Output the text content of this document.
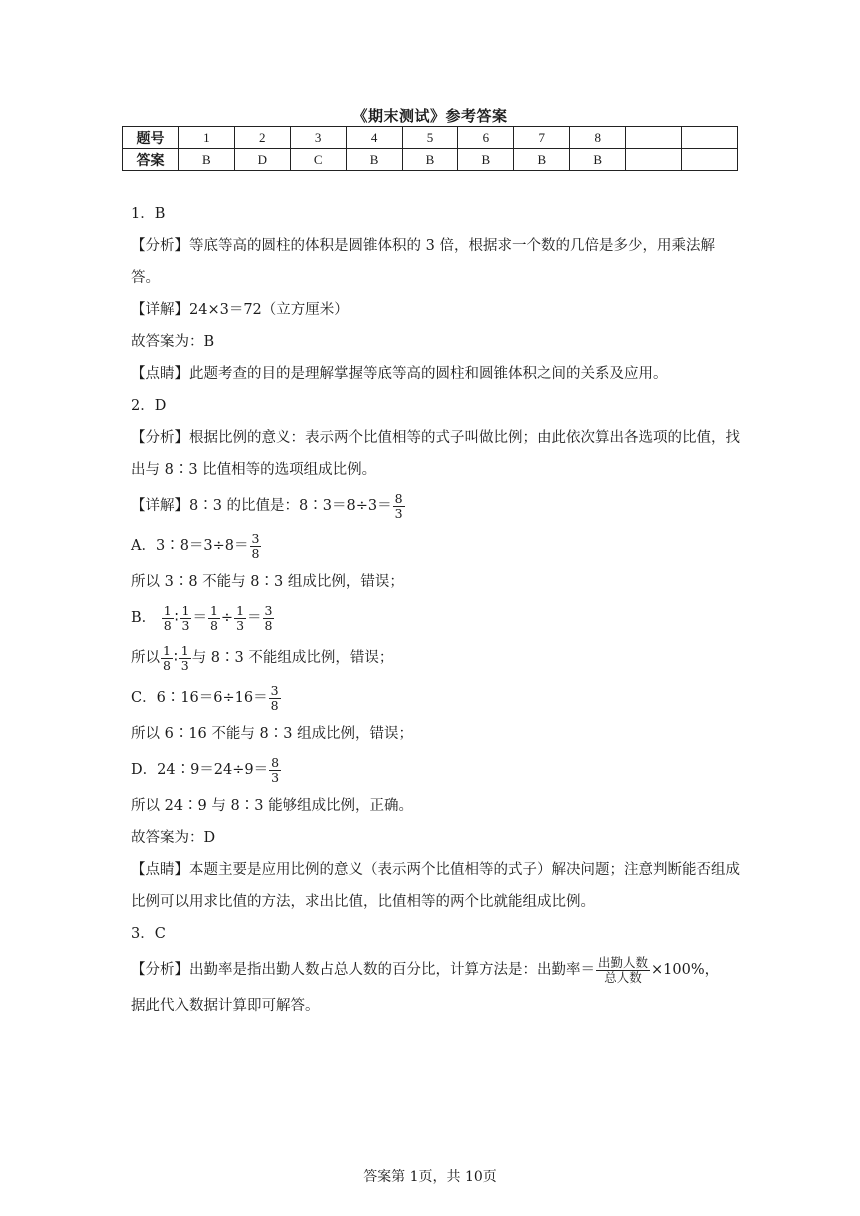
《期末测试》参考答案
题号	1	2	3	4	5	6	7	8		
答案	B	D	C	B	B	B	B	B		
1．B
【分析】等底等高的圆柱的体积是圆锥体积的 3 倍，根据求一个数的几倍是多少，用乘法解答。
【详解】24×3＝72（立方厘米）
故答案为：B
【点睛】此题考查的目的是理解掌握等底等高的圆柱和圆锥体积之间的关系及应用。
2．D
【分析】根据比例的意义：表示两个比值相等的式子叫做比例；由此依次算出各选项的比值，找出与 8∶3 比值相等的选项组成比例。
【详解】8∶3 的比值是：8∶3＝8÷3＝ $\frac{8}{3}$
A．3∶8＝3÷8＝ $\frac{3}{8}$
所以 3∶8 不能与 8∶3 组成比例，错误；
B． $\frac{1}{8}$ ∶ $\frac{1}{3} = \frac{1}{8} \div \frac{1}{3} = \frac{3}{8}$
所以 $\frac{1}{8}$ ∶ $\frac{1}{3}$ 与 8∶3 不能组成比例，错误；
C．6∶16＝6÷16＝ $\frac{3}{8}$
所以 6∶16 不能与 8∶3 组成比例，错误；
D．24∶9＝24÷9＝ $\frac{8}{3}$
所以 24∶9 与 8∶3 能够组成比例，正确。
故答案为：D
【点睛】本题主要是应用比例的意义（表示两个比值相等的式子）解决问题；注意判断能否组成比例可以用求比值的方法，求出比值，比值相等的两个比就能组成比例。
3．C
【分析】出勤率是指出勤人数占总人数的百分比，计算方法是：出勤率＝ $\frac{\text{出勤人数}}{\text{总人数}} \times 100\%$，
据此代入数据计算即可解答。
答案第 1页，共 10页
